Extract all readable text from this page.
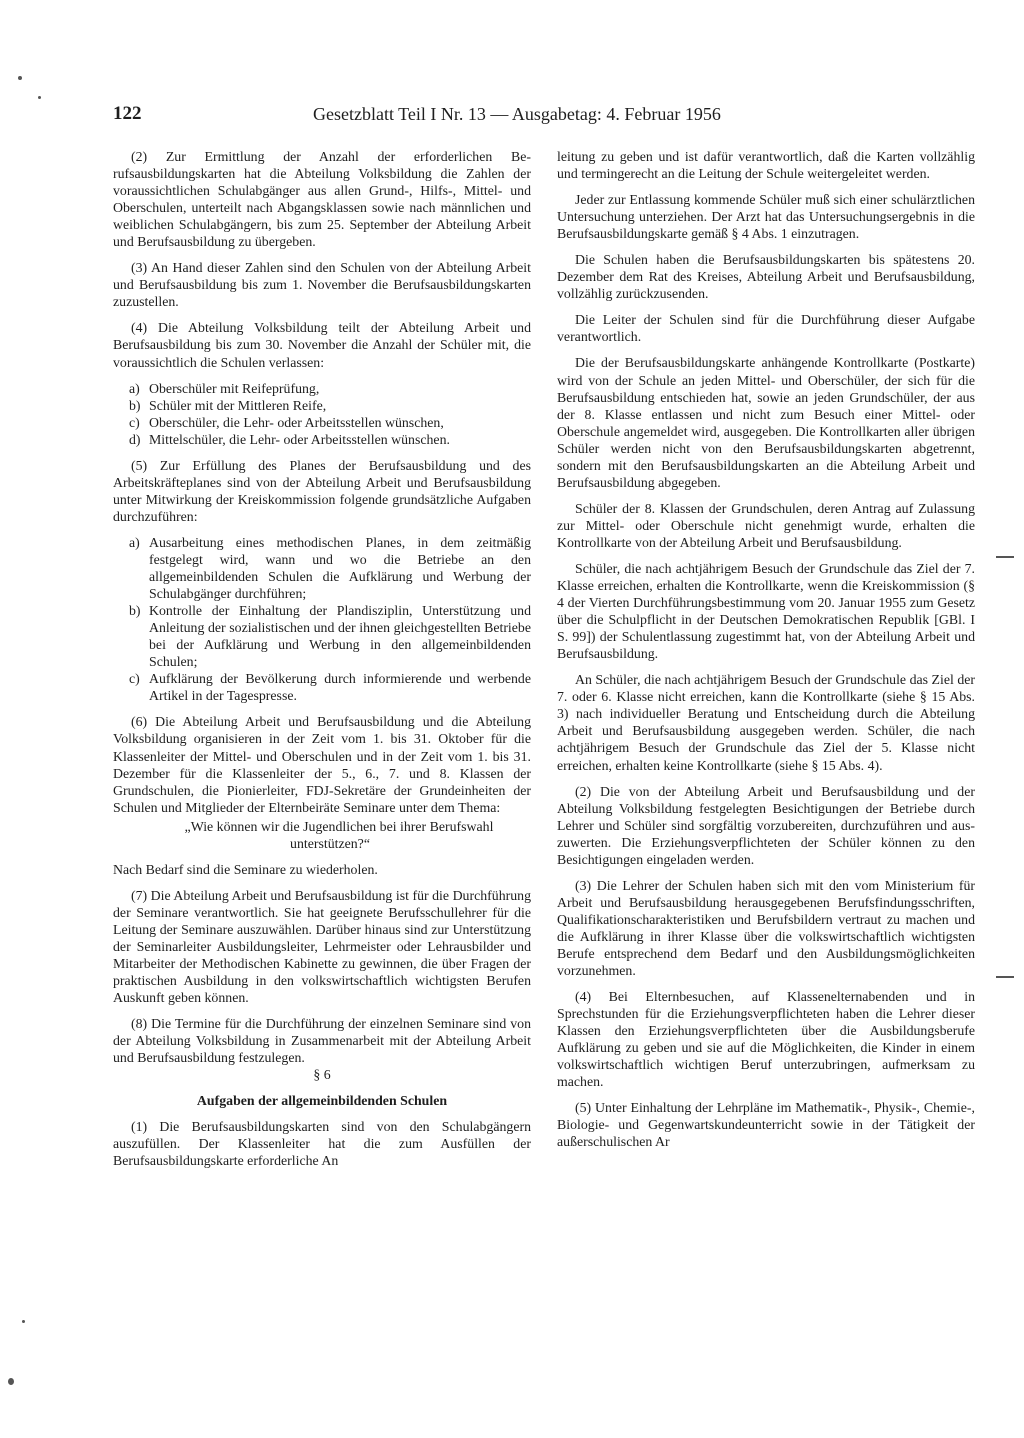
122	Gesetzblatt Teil I Nr. 13 — Ausgabetag: 4. Februar 1956

(2) Zur Ermittlung der Anzahl der erforderlichen Berufsausbildungskarten hat die Abteilung Volksbildung die Zahlen der voraussichtlichen Schulabgänger aus allen Grund-, Hilfs-, Mittel- und Oberschulen, unterteilt nach Abgangsklassen sowie nach männlichen und weiblichen Schulabgängern, bis zum 25. September der Abteilung Arbeit und Berufsausbildung zu übergeben.

(3) An Hand dieser Zahlen sind den Schulen von der Abteilung Arbeit und Berufsausbildung bis zum 1. November die Berufsausbildungskarten zuzustellen.

(4) Die Abteilung Volksbildung teilt der Abteilung Arbeit und Berufsausbildung bis zum 30. November die Anzahl der Schüler mit, die voraussichtlich die Schulen verlassen:

a) Oberschüler mit Reifeprüfung,
b) Schüler mit der Mittleren Reife,
c) Oberschüler, die Lehr- oder Arbeitsstellen wünschen,
d) Mittelschüler, die Lehr- oder Arbeitsstellen wünschen.

(5) Zur Erfüllung des Planes der Berufsausbildung und des Arbeitskräfteplanes sind von der Abteilung Arbeit und Berufsausbildung unter Mitwirkung der Kreiskommission folgende grundsätzliche Aufgaben durchzuführen:

a) Ausarbeitung eines methodischen Planes, in dem zeitmäßig festgelegt wird, wann und wo die Betriebe an den allgemeinbildenden Schulen die Aufklärung und Werbung der Schulabgänger durchführen;
b) Kontrolle der Einhaltung der Plandisziplin, Unterstützung und Anleitung der sozialistischen und der ihnen gleichgestellten Betriebe bei der Aufklärung und Werbung in den allgemeinbildenden Schulen;
c) Aufklärung der Bevölkerung durch informierende und werbende Artikel in der Tagespresse.

(6) Die Abteilung Arbeit und Berufsausbildung und die Abteilung Volksbildung organisieren in der Zeit vom 1. bis 31. Oktober für die Klassenleiter der Mittel- und Oberschulen und in der Zeit vom 1. bis 31. Dezember für die Klassenleiter der 5., 6., 7. und 8. Klassen der Grundschulen, die Pionierleiter, FDJ-Sekretäre der Grundeinheiten der Schulen und Mitglieder der Elternbeiräte Seminare unter dem Thema:

„Wie können wir die Jugendlichen bei ihrer Berufswahl unterstützen?“

Nach Bedarf sind die Seminare zu wiederholen.

(7) Die Abteilung Arbeit und Berufsausbildung ist für die Durchführung der Seminare verantwortlich. Sie hat geeignete Berufsschullehrer für die Leitung der Seminare auszuwählen. Darüber hinaus sind zur Unterstützung der Seminarleiter Ausbildungsleiter, Lehrmeister oder Lehrausbilder und Mitarbeiter der Methodischen Kabinette zu gewinnen, die über Fragen der praktischen Ausbildung in den volkswirtschaftlich wichtigsten Berufen Auskunft geben können.

(8) Die Termine für die Durchführung der einzelnen Seminare sind von der Abteilung Volksbildung in Zusammenarbeit mit der Abteilung Arbeit und Berufsausbildung festzulegen.

§ 6

Aufgaben der allgemeinbildenden Schulen

(1) Die Berufsausbildungskarten sind von den Schulabgängern auszufüllen. Der Klassenleiter hat die zum Ausfüllen der Berufsausbildungskarte erforderliche An

leitung zu geben und ist dafür verantwortlich, daß die Karten vollzählig und termingerecht an die Leitung der Schule weitergeleitet werden.

Jeder zur Entlassung kommende Schüler muß sich einer schulärztlichen Untersuchung unterziehen. Der Arzt hat das Untersuchungsergebnis in die Berufsausbildungskarte gemäß § 4 Abs. 1 einzutragen.

Die Schulen haben die Berufsausbildungskarten bis spätestens 20. Dezember dem Rat des Kreises, Abteilung Arbeit und Berufsausbildung, vollzählig zurückzusenden.

Die Leiter der Schulen sind für die Durchführung dieser Aufgabe verantwortlich.

Die der Berufsausbildungskarte anhängende Kontrollkarte (Postkarte) wird von der Schule an jeden Mittel- und Oberschüler, der sich für die Berufsausbildung entschieden hat, sowie an jeden Grundschüler, der aus der 8. Klasse entlassen und nicht zum Besuch einer Mittel- oder Oberschule angemeldet wird, ausgegeben. Die Kontrollkarten aller übrigen Schüler werden nicht von den Berufsausbildungskarten abgetrennt, sondern mit den Berufsausbildungskarten an die Abteilung Arbeit und Berufsausbildung abgegeben.

Schüler der 8. Klassen der Grundschulen, deren Antrag auf Zulassung zur Mittel- oder Oberschule nicht genehmigt wurde, erhalten die Kontrollkarte von der Abteilung Arbeit und Berufsausbildung.

Schüler, die nach achtjährigem Besuch der Grundschule das Ziel der 7. Klasse erreichen, erhalten die Kontrollkarte, wenn die Kreiskommission (§ 4 der Vierten Durchführungsbestimmung vom 20. Januar 1955 zum Gesetz über die Schulpflicht in der Deutschen Demokratischen Republik [GBl. I S. 99]) der Schulentlassung zugestimmt hat, von der Abteilung Arbeit und Berufsausbildung.

An Schüler, die nach achtjährigem Besuch der Grundschule das Ziel der 7. oder 6. Klasse nicht erreichen, kann die Kontrollkarte (siehe § 15 Abs. 3) nach individueller Beratung und Entscheidung durch die Abteilung Arbeit und Berufsausbildung ausgegeben werden. Schüler, die nach achtjährigem Besuch der Grundschule das Ziel der 5. Klasse nicht erreichen, erhalten keine Kontrollkarte (siehe § 15 Abs. 4).

(2) Die von der Abteilung Arbeit und Berufsausbildung und der Abteilung Volksbildung festgelegten Besichtigungen der Betriebe durch Lehrer und Schüler sind sorgfältig vorzubereiten, durchzuführen und auszuwerten. Die Erziehungsverpflichteten der Schüler können zu den Besichtigungen eingeladen werden.

(3) Die Lehrer der Schulen haben sich mit den vom Ministerium für Arbeit und Berufsausbildung herausgegebenen Berufsfindungsschriften, Qualifikationscharakteristiken und Berufsbildern vertraut zu machen und die Aufklärung in ihrer Klasse über die volkswirtschaftlich wichtigsten Berufe entsprechend dem Bedarf und den Ausbildungsmöglichkeiten vorzunehmen.

(4) Bei Elternbesuchen, auf Klassenelternabenden und in Sprechstunden für die Erziehungsverpflichteten haben die Lehrer dieser Klassen den Erziehungsverpflichteten über die Ausbildungsberufe Aufklärung zu geben und sie auf die Möglichkeiten, die Kinder in einem volkswirtschaftlich wichtigen Beruf unterzubringen, aufmerksam zu machen.

(5) Unter Einhaltung der Lehrpläne im Mathematik-, Physik-, Chemie-, Biologie- und Gegenwartskundeunterricht sowie in der Tätigkeit der außerschulischen Ar
